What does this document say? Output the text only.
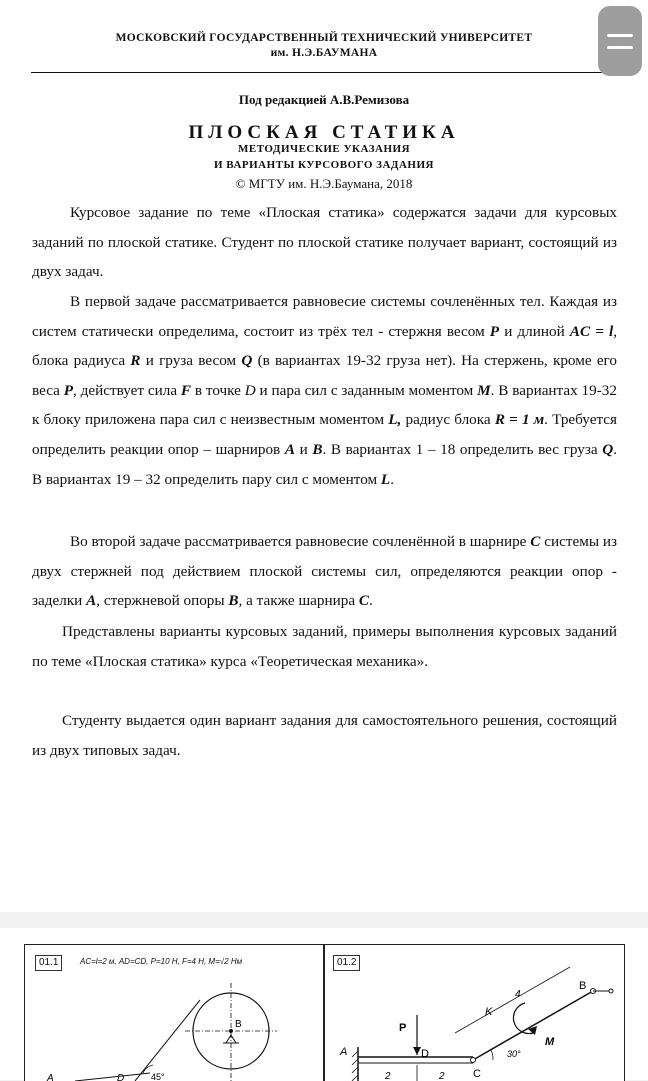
МОСКОВСКИЙ ГОСУДАРСТВЕННЫЙ ТЕХНИЧЕСКИЙ УНИВЕРСИТЕТ
им. Н.Э.БАУМАНА
Под редакцией А.В.Ремизова
ПЛОСКАЯ СТАТИКА
МЕТОДИЧЕСКИЕ УКАЗАНИЯ
И ВАРИАНТЫ КУРСОВОГО ЗАДАНИЯ
© МГТУ им. Н.Э.Баумана, 2018
Курсовое задание по теме «Плоская статика» содержатся задачи для курсовых заданий по плоской статике. Студент по плоской статике получает вариант, состоящий из двух задач.
В первой задаче рассматривается равновесие системы сочленённых тел. Каждая из систем статически определима, состоит из трёх тел - стержня весом P и длиной AC = l, блока радиуса R и груза весом Q (в вариантах 19-32 груза нет). На стержень, кроме его веса P, действует сила F в точке D и пара сил с заданным моментом M. В вариантах 19-32 к блоку приложена пара сил с неизвестным моментом L, радиус блока R = 1 м. Требуется определить реакции опор – шарниров A и B. В вариантах 1 – 18 определить вес груза Q. В вариантах 19 – 32 определить пару сил с моментом L.
Во второй задаче рассматривается равновесие сочленённой в шарнире C системы из двух стержней под действием плоской системы сил, определяются реакции опор - заделки A, стержневой опоры B, а также шарнира C.
Представлены варианты курсовых заданий, примеры выполнения курсовых заданий по теме «Плоская статика» курса «Теоретическая механика».
Студенту выдается один вариант задания для самостоятельного решения, состоящий из двух типовых задач.
01.1	AC=l=2 м, AD=CD, P=10 Н, F=4 Н, M=√2 Нм
B
A	D	45°
01.2
P
K
4
B
M
A	D
C
30°
2	2
